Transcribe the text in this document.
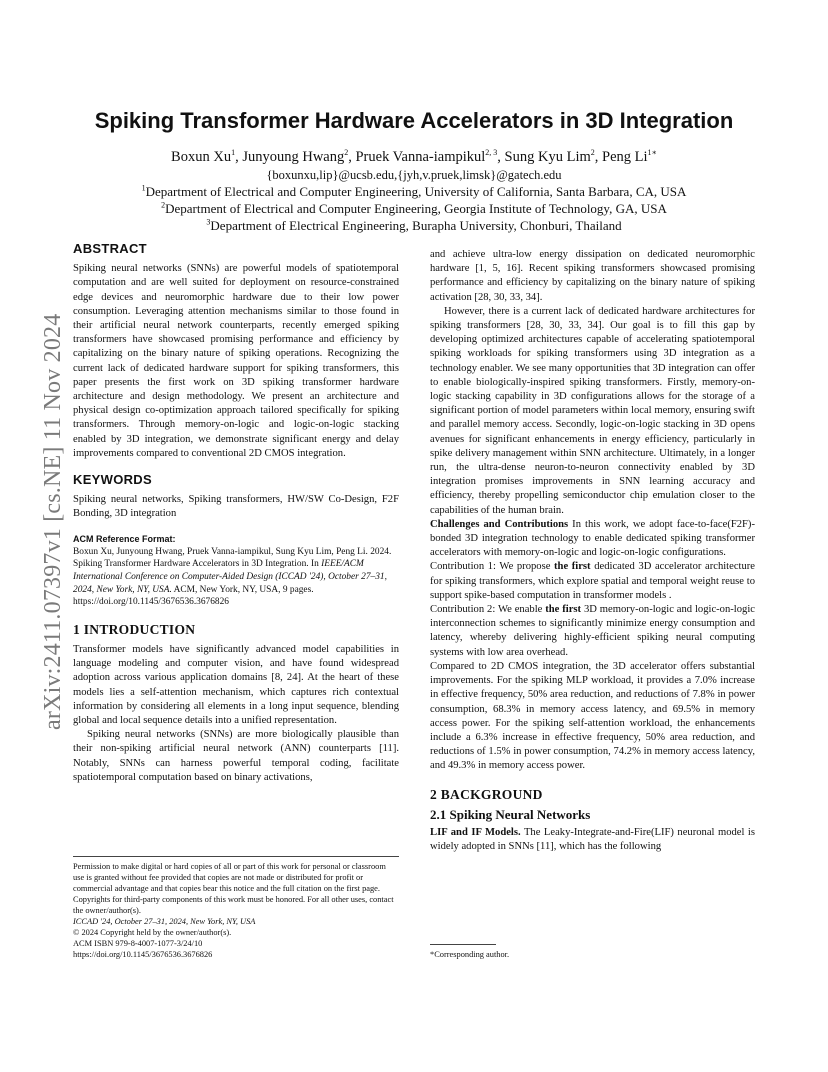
arXiv:2411.07397v1 [cs.NE] 11 Nov 2024
Spiking Transformer Hardware Accelerators in 3D Integration
Boxun Xu$^1$, Junyoung Hwang$^2$, Pruek Vanna-iampikul$^{2, 3}$, Sung Kyu Lim$^2$, Peng $Li^{1∗}$
{boxunxu,lip}@ucsb.edu,{jyh,v.pruek,limsk}@gatech.edu
$^1$Department of Electrical and Computer Engineering, University of California, Santa Barbara, CA, USA
$^2$Department of Electrical and Computer Engineering, Georgia Institute of Technology, GA, USA
$^3$Department of Electrical Engineering, Burapha University, Chonburi, Thailand
ABSTRACT

Spiking neural networks (SNNs) are powerful models of spatiotemporal computation and are well suited for deployment on resource-constrained edge devices and neuromorphic hardware due to their low power consumption. Leveraging attention mechanisms similar to those found in their artificial neural network counterparts, recently emerged spiking transformers have showcased promising performance and efficiency by capitalizing on the binary nature of spiking operations. Recognizing the current lack of dedicated hardware support for spiking transformers, this paper presents the first work on 3D spiking transformer hardware architecture and design methodology. We present an architecture and physical design co-optimization approach tailored specifically for spiking transformers. Through memory-on-logic and logic-on-logic stacking enabled by 3D integration, we demonstrate significant energy and delay improvements compared to conventional 2D CMOS integration.

KEYWORDS

Spiking neural networks, Spiking transformers, HW/SW Co-Design, F2F Bonding, 3D integration

ACM Reference Format:

Boxun Xu, Junyoung Hwang, Pruek Vanna-iampikul, Sung Kyu Lim, Peng Li. 2024. Spiking Transformer Hardware Accelerators in 3D Integration. In IEEE/ACM International Conference on Computer-Aided Design (ICCAD '24), October 27–31, 2024, New York, NY, USA. ACM, New York, NY, USA, 9 pages. https://doi.org/10.1145/3676536.3676826

1 INTRODUCTION

Transformer models have significantly advanced model capabilities in language modeling and computer vision, and have found widespread adoption across various application domains [8, 24]. At the heart of these models lies a self-attention mechanism, which captures rich contextual information by considering all elements in a long input sequence, blending global and local sequence details into a unified representation.

Spiking neural networks (SNNs) are more biologically plausible than their non-spiking artificial neural network (ANN) counterparts [11]. Notably, SNNs can harness powerful temporal coding, facilitate spatiotemporal computation based on binary activations,

Permission to make digital or hard copies of all or part of this work for personal or classroom use is granted without fee provided that copies are not made or distributed for profit or commercial advantage and that copies bear this notice and the full citation on the first page. Copyrights for third-party components of this work must be honored. For all other uses, contact the owner/author(s).
ICCAD '24, October 27–31, 2024, New York, NY, USA
© 2024 Copyright held by the owner/author(s).
ACM ISBN 979-8-4007-1077-3/24/10
https://doi.org/10.1145/3676536.3676826

and achieve ultra-low energy dissipation on dedicated neuromorphic hardware [1, 5, 16]. Recent spiking transformers showcased promising performance and efficiency by capitalizing on the binary nature of spiking activation [28, 30, 33, 34].

However, there is a current lack of dedicated hardware architectures for spiking transformers [28, 30, 33, 34]. Our goal is to fill this gap by developing optimized architectures capable of accelerating spatiotemporal spiking workloads for spiking transformers using 3D integration as a technology enabler. We see many opportunities that 3D integration can offer to enable biologically-inspired spiking transformers. Firstly, memory-on-logic stacking capability in 3D configurations allows for the storage of a significant portion of model parameters within local memory, ensuring swift and parallel memory access. Secondly, logic-on-logic stacking in 3D opens avenues for significant enhancements in energy efficiency, particularly in spike delivery management within SNN architecture. Ultimately, in a longer run, the ultra-dense neuron-to-neuron connectivity enabled by 3D integration promises improvements in SNN learning accuracy and efficiency, thereby propelling semiconductor chip emulation closer to the capabilities of the human brain.

Challenges and Contributions In this work, we adopt face-to-face(F2F)-bonded 3D integration technology to enable dedicated spiking transformer accelerators with memory-on-logic and logic-on-logic configurations.

Contribution 1: We propose the first dedicated 3D accelerator architecture for spiking transformers, which explore spatial and temporal weight reuse to support spike-based computation in transformer models .

Contribution 2: We enable the first 3D memory-on-logic and logic-on-logic interconnection schemes to significantly minimize energy consumption and latency, whereby delivering highly-efficient spiking neural computing systems with low area overhead.

Compared to 2D CMOS integration, the 3D accelerator offers substantial improvements. For the spiking MLP workload, it provides a 7.0% increase in effective frequency, 50% area reduction, and reductions of 7.8% in power consumption, 68.3% in memory access latency, and 69.5% in memory access power. For the spiking self-attention workload, the enhancements include a 6.3% increase in effective frequency, 50% area reduction, and reductions of 1.5% in power consumption, 74.2% in memory access latency, and 49.3% in memory access power.

2 BACKGROUND
2.1 Spiking Neural Networks

LIF and IF Models. The Leaky-Integrate-and-Fire(LIF) neuronal model is widely adopted in SNNs [11], which has the following

*Corresponding author.
